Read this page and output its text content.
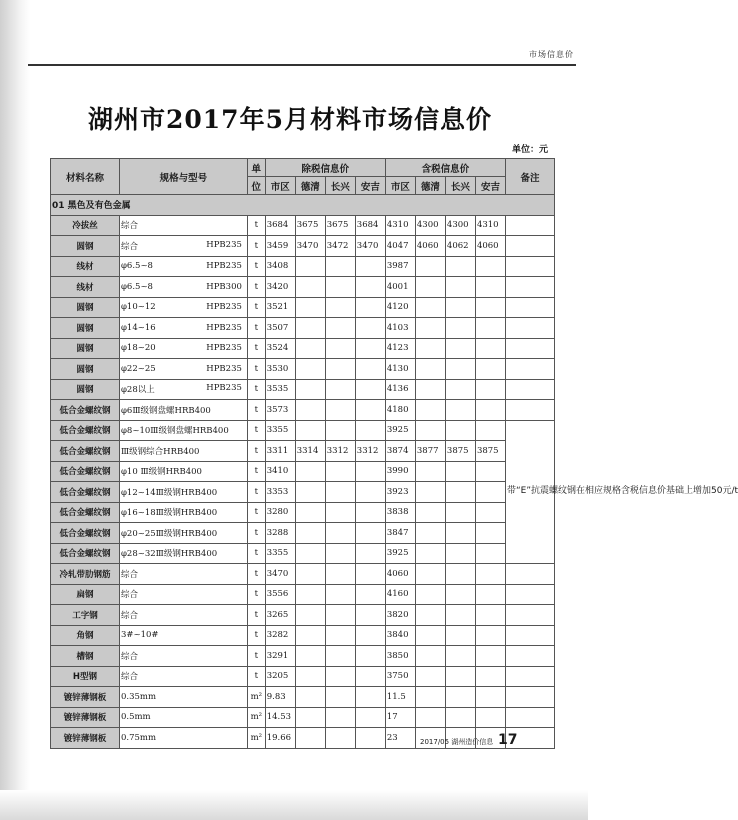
市场信息价
湖州市2017年5月材料市场信息价
单位：元
材料名称	规格与型号	单	除税信息价				含税信息价				备注
		位	市区	德清	长兴	安吉	市区	德清	长兴	安吉	
01 黑色及有色金属											
冷拔丝	综合	t	3684	3675	3675	3684	4310	4300	4300	4310	
圆钢	综合 HPB235	t	3459	3470	3472	3470	4047	4060	4062	4060	
线材	φ6.5~8 HPB235	t	3408				3987				
线材	φ6.5~8 HPB300	t	3420				4001				
圆钢	φ10~12 HPB235	t	3521				4120				
圆钢	φ14~16 HPB235	t	3507				4103				
圆钢	φ18~20 HPB235	t	3524				4123				
圆钢	φ22~25 HPB235	t	3530				4130				
圆钢	φ28以上 HPB235	t	3535				4136				
低合金螺纹钢	φ6Ⅲ级钢盘螺HRB400	t	3573				4180				
低合金螺纹钢	φ8~10Ⅲ级钢盘螺HRB400	t	3355				3925				带“E”抗震螺纹钢在相应规格含税信息价基础上增加50元/t
低合金螺纹钢	Ⅲ级钢综合HRB400	t	3311	3314	3312	3312	3874	3877	3875	3875	
低合金螺纹钢	φ10 Ⅲ级钢HRB400	t	3410				3990				
低合金螺纹钢	φ12~14Ⅲ级钢HRB400	t	3353				3923				
低合金螺纹钢	φ16~18Ⅲ级钢HRB400	t	3280				3838				
低合金螺纹钢	φ20~25Ⅲ级钢HRB400	t	3288				3847				
低合金螺纹钢	φ28~32Ⅲ级钢HRB400	t	3355				3925				
冷轧带肋钢筋	综合	t	3470				4060				
扁钢	综合	t	3556				4160				
工字钢	综合	t	3265				3820				
角钢	3#~10#	t	3282				3840				
槽钢	综合	t	3291				3850				
H型钢	综合	t	3205				3750				
镀锌薄钢板	0.35mm	m²	9.83				11.5				
镀锌薄钢板	0.5mm	m²	14.53				17				
镀锌薄钢板	0.75mm	m²	19.66				23					2017/05 湖州造价信息 17
